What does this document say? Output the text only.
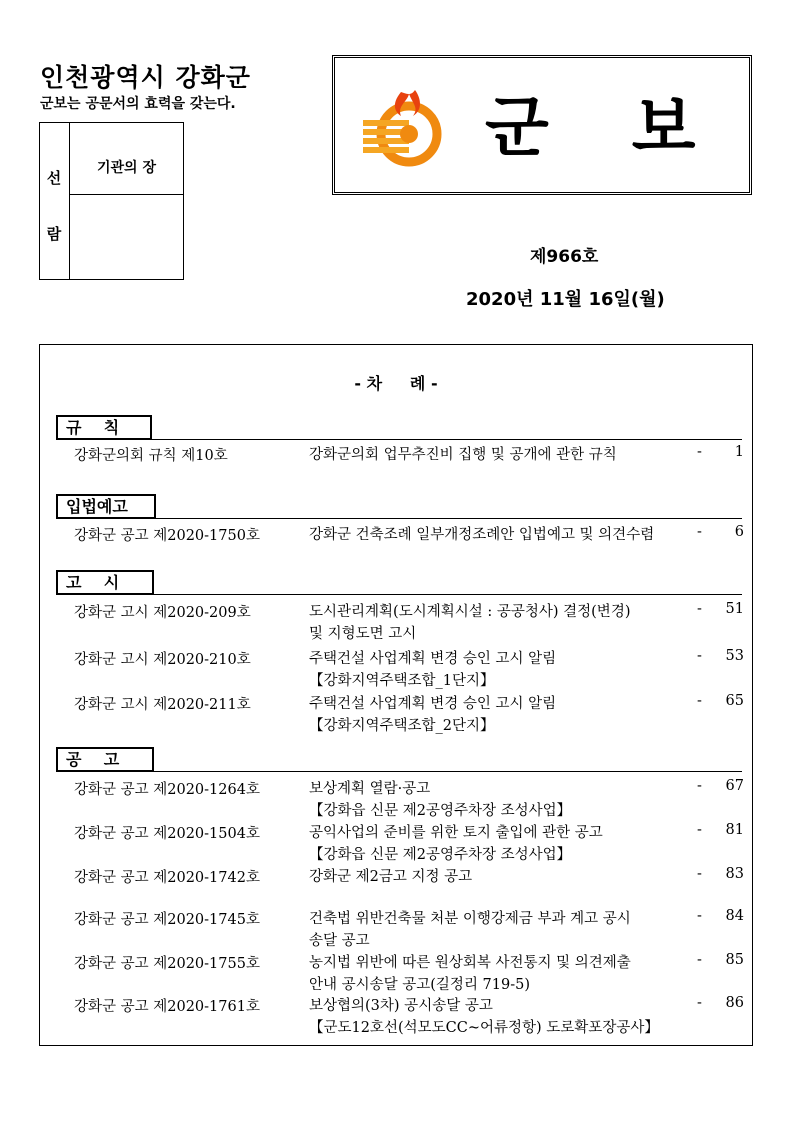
인천광역시 강화군
군보는 공문서의 효력을 갖는다.
선
람
기관의 장
군 보
제966호
2020년 11월 16일(월)
- 차     례 -
규    칙
강화군의회 규칙 제10호	강화군의회 업무추진비 집행 및 공개에 관한 규칙	- 1
입법예고
강화군 공고 제2020-1750호	강화군 건축조례 일부개정조례안 입법예고 및 의견수렴	- 6
고    시
강화군 고시 제2020-209호	도시관리계획(도시계획시설 : 공공청사) 결정(변경)
및 지형도면 고시
- 51
강화군 고시 제2020-210호	주택건설 사업계획 변경 승인 고시 알림
【강화지역주택조합_1단지】
- 53
강화군 고시 제2020-211호	주택건설 사업계획 변경 승인 고시 알림
【강화지역주택조합_2단지】
- 65
공    고
강화군 공고 제2020-1264호	보상계획 열람·공고
【강화읍 신문 제2공영주차장 조성사업】
- 67
강화군 공고 제2020-1504호	공익사업의 준비를 위한 토지 출입에 관한 공고
【강화읍 신문 제2공영주차장 조성사업】
- 81
강화군 공고 제2020-1742호	강화군 제2금고 지정 공고	- 83
강화군 공고 제2020-1745호	건축법 위반건축물 처분 이행강제금 부과 계고 공시
송달 공고
- 84
강화군 공고 제2020-1755호	농지법 위반에 따른 원상회복 사전통지 및 의견제출
안내 공시송달 공고(길정리 719-5)
- 85
강화군 공고 제2020-1761호	보상협의(3차) 공시송달 공고
【군도12호선(석모도CC~어류정항) 도로확포장공사】
- 86
